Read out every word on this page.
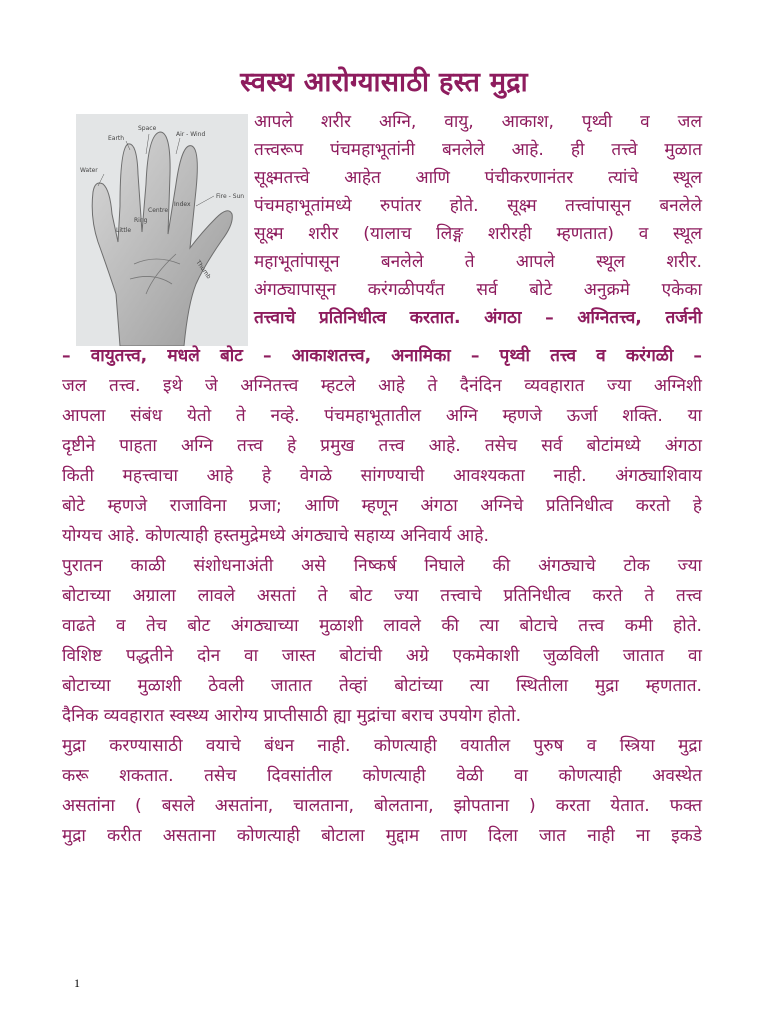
स्वस्थ आरोग्यासाठी हस्त मुद्रा
Space
Earth
Air - Wind
Water
Centre
Index
Fire - Sun
Ring
Little
Thumb
आपले शरीर अग्नि, वायु, आकाश, पृथ्वी व जल
तत्त्वरूप पंचमहाभूतांनी बनलेले आहे. ही तत्त्वे मुळात
सूक्ष्मतत्त्वे आहेत आणि पंचीकरणानंतर त्यांचे स्थूल
पंचमहाभूतांमध्ये रुपांतर होते. सूक्ष्म तत्त्वांपासून बनलेले
सूक्ष्म शरीर (यालाच लिङ्ग शरीरही म्हणतात) व स्थूल
महाभूतांपासून बनलेले ते आपले स्थूल शरीर.
अंगठ्यापासून करंगळीपर्यंत सर्व बोटे अनुक्रमे एकेका
तत्त्वाचे प्रतिनिधीत्व करतात. अंगठा – अग्नितत्त्व, तर्जनी
– वायुतत्त्व, मधले बोट – आकाशतत्त्व, अनामिका – पृथ्वी तत्त्व व करंगळी –
जल तत्त्व. इथे जे अग्नितत्त्व म्हटले आहे ते दैनंदिन व्यवहारात ज्या अग्निशी
आपला संबंध येतो ते नव्हे. पंचमहाभूतातील अग्नि म्हणजे ऊर्जा शक्ति. या
दृष्टीने पाहता अग्नि तत्त्व हे प्रमुख तत्त्व आहे. तसेच सर्व बोटांमध्ये अंगठा
किती महत्त्वाचा आहे हे वेगळे सांगण्याची आवश्यकता नाही. अंगठ्याशिवाय
बोटे म्हणजे राजाविना प्रजा; आणि म्हणून अंगठा अग्निचे प्रतिनिधीत्व करतो हे
योग्यच आहे. कोणत्याही हस्तमुद्रेमध्ये अंगठ्याचे सहाय्य अनिवार्य आहे.
पुरातन काळी संशोधनाअंती असे निष्कर्ष निघाले की अंगठ्याचे टोक ज्या
बोटाच्या अग्राला लावले असतां ते बोट ज्या तत्त्वाचे प्रतिनिधीत्व करते ते तत्त्व
वाढते व तेच बोट अंगठ्याच्या मुळाशी लावले की त्या बोटाचे तत्त्व कमी होते.
विशिष्ट पद्धतीने दोन वा जास्त बोटांची अग्रे एकमेकाशी जुळविली जातात वा
बोटाच्या मुळाशी ठेवली जातात तेव्हां बोटांच्या त्या स्थितीला मुद्रा म्हणतात.
दैनिक व्यवहारात स्वस्थ्य आरोग्य प्राप्तीसाठी ह्या मुद्रांचा बराच उपयोग होतो.
मुद्रा करण्यासाठी वयाचे बंधन नाही. कोणत्याही वयातील पुरुष व स्त्रिया मुद्रा
करू शकतात. तसेच दिवसांतील कोणत्याही वेळी वा कोणत्याही अवस्थेत
असतांना ( बसले असतांना, चालताना, बोलताना, झोपताना ) करता येतात. फक्त
मुद्रा करीत असताना कोणत्याही बोटाला मुद्दाम ताण दिला जात नाही ना इकडे
1
